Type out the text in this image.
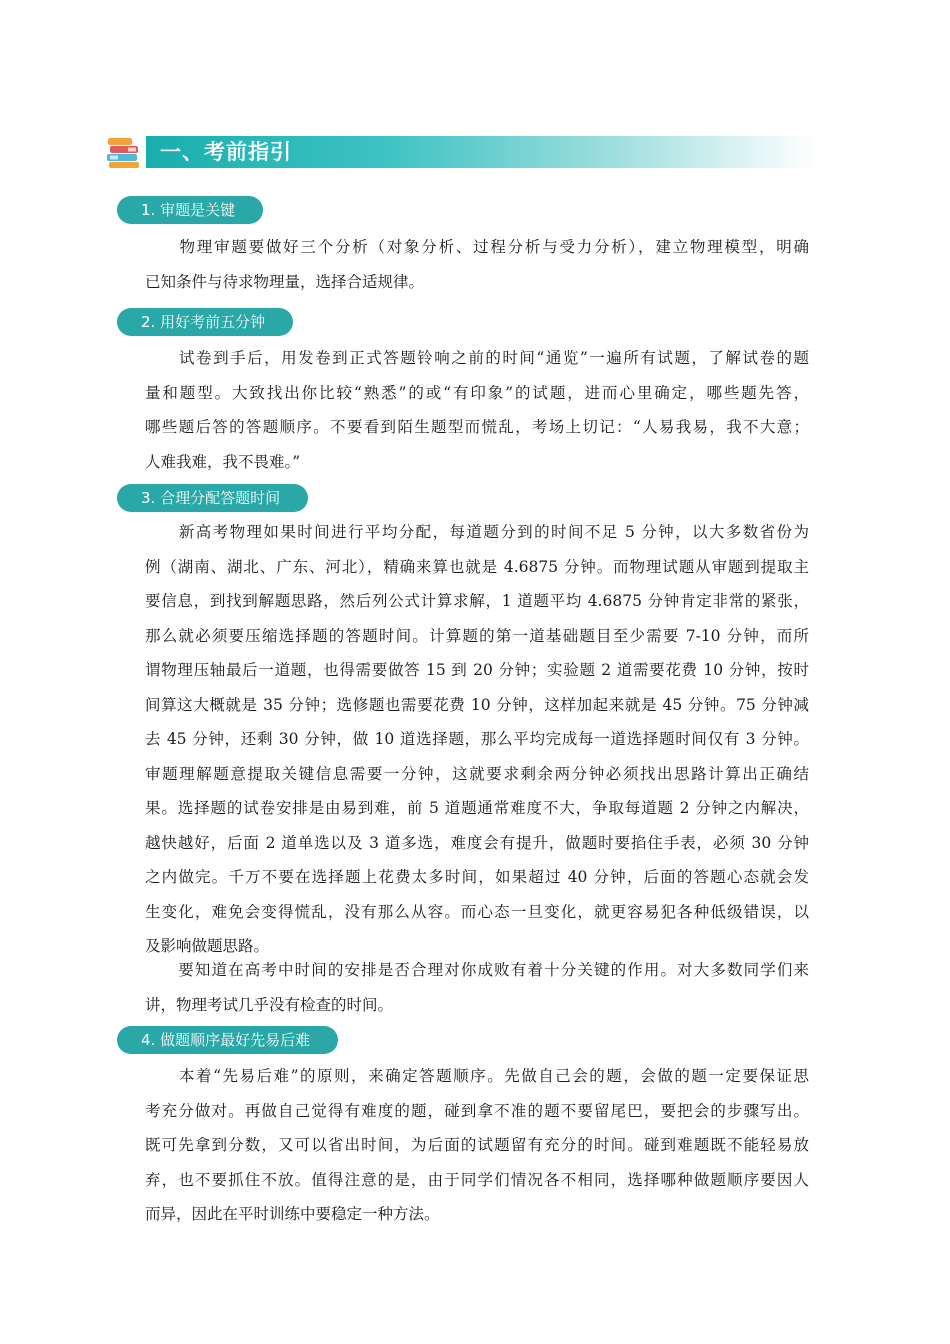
一、考前指引
1. 审题是关键
　　物理审题要做好三个分析（对象分析、过程分析与受力分析），建立物理模型，明确
已知条件与待求物理量，选择合适规律。
2. 用好考前五分钟
　　试卷到手后，用发卷到正式答题铃响之前的时间“通览”一遍所有试题，了解试卷的题
量和题型。大致找出你比较“熟悉”的或“有印象”的试题，进而心里确定，哪些题先答，
哪些题后答的答题顺序。不要看到陌生题型而慌乱，考场上切记：“人易我易，我不大意；
人难我难，我不畏难。”
3. 合理分配答题时间
　　新高考物理如果时间进行平均分配，每道题分到的时间不足 5 分钟，以大多数省份为
例（湖南、湖北、广东、河北），精确来算也就是 4.6875 分钟。而物理试题从审题到提取主
要信息，到找到解题思路，然后列公式计算求解，1 道题平均 4.6875 分钟肯定非常的紧张，
那么就必须要压缩选择题的答题时间。计算题的第一道基础题目至少需要 7-10 分钟，而所
谓物理压轴最后一道题，也得需要做答 15 到 20 分钟；实验题 2 道需要花费 10 分钟，按时
间算这大概就是 35 分钟；选修题也需要花费 10 分钟，这样加起来就是 45 分钟。75 分钟减
去 45 分钟，还剩 30 分钟，做 10 道选择题，那么平均完成每一道选择题时间仅有 3 分钟。
审题理解题意提取关键信息需要一分钟，这就要求剩余两分钟必须找出思路计算出正确结
果。选择题的试卷安排是由易到难，前 5 道题通常难度不大，争取每道题 2 分钟之内解决，
越快越好，后面 2 道单选以及 3 道多选，难度会有提升，做题时要掐住手表，必须 30 分钟
之内做完。千万不要在选择题上花费太多时间，如果超过 40 分钟，后面的答题心态就会发
生变化，难免会变得慌乱，没有那么从容。而心态一旦变化，就更容易犯各种低级错误，以
及影响做题思路。
　　要知道在高考中时间的安排是否合理对你成败有着十分关键的作用。对大多数同学们来
讲，物理考试几乎没有检查的时间。
4. 做题顺序最好先易后难
　　本着“先易后难”的原则，来确定答题顺序。先做自己会的题，会做的题一定要保证思
考充分做对。再做自己觉得有难度的题，碰到拿不准的题不要留尾巴，要把会的步骤写出。
既可先拿到分数，又可以省出时间，为后面的试题留有充分的时间。碰到难题既不能轻易放
弃，也不要抓住不放。值得注意的是，由于同学们情况各不相同，选择哪种做题顺序要因人
而异，因此在平时训练中要稳定一种方法。
